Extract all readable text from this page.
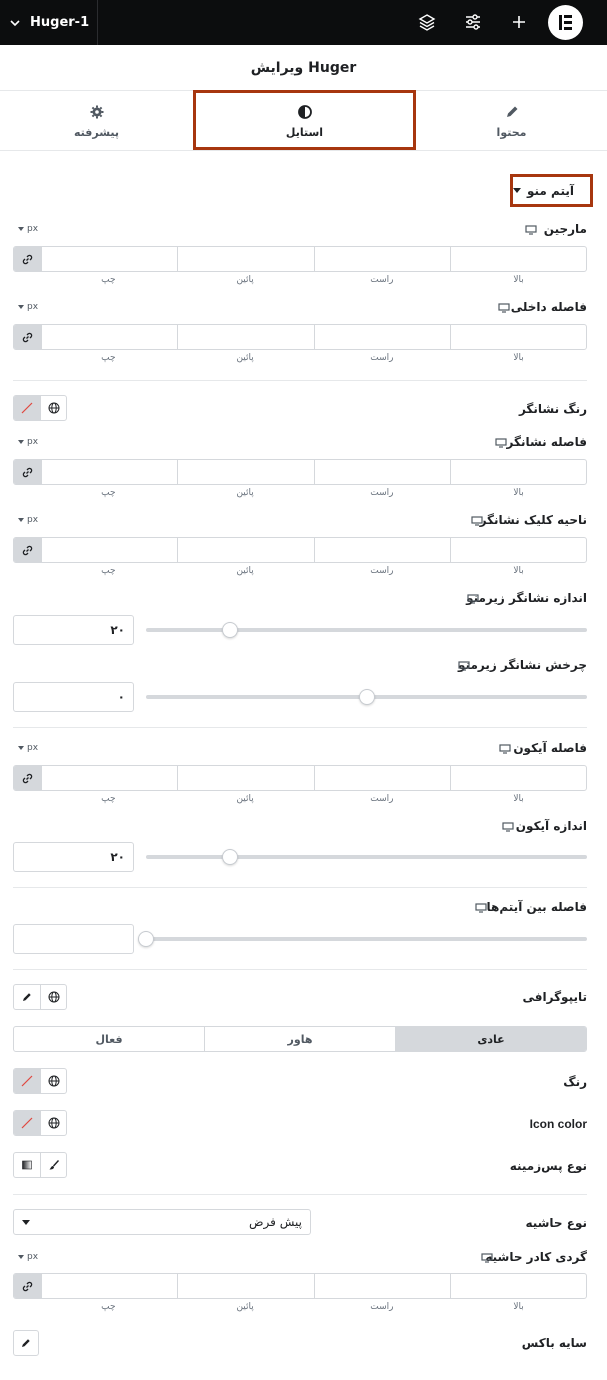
Huger-1
ویرایش Huger
پیشرفته	استایل	محتوا
آیتم منو
مارجین
px
چپ	پائین	راست	بالا
فاصله داخلی
px
چپ	پائین	راست	بالا
رنگ نشانگر
فاصله نشانگر
px
چپ	پائین	راست	بالا
ناحیه کلیک نشانگر
px
چپ	پائین	راست	بالا
اندازه نشانگر زیرمنو
۲۰
چرخش نشانگر زیرمنو
۰
فاصله آیکون
px
چپ	پائین	راست	بالا
اندازه آیکون
۲۰
فاصله بین آیتم‌ها
تایپوگرافی
فعال	هاور	عادی
رنگ
Icon color
نوع پس‌زمینه
نوع حاشیه
پیش فرض
گردی کادر حاشیه
px
چپ	پائین	راست	بالا
سایه باکس
